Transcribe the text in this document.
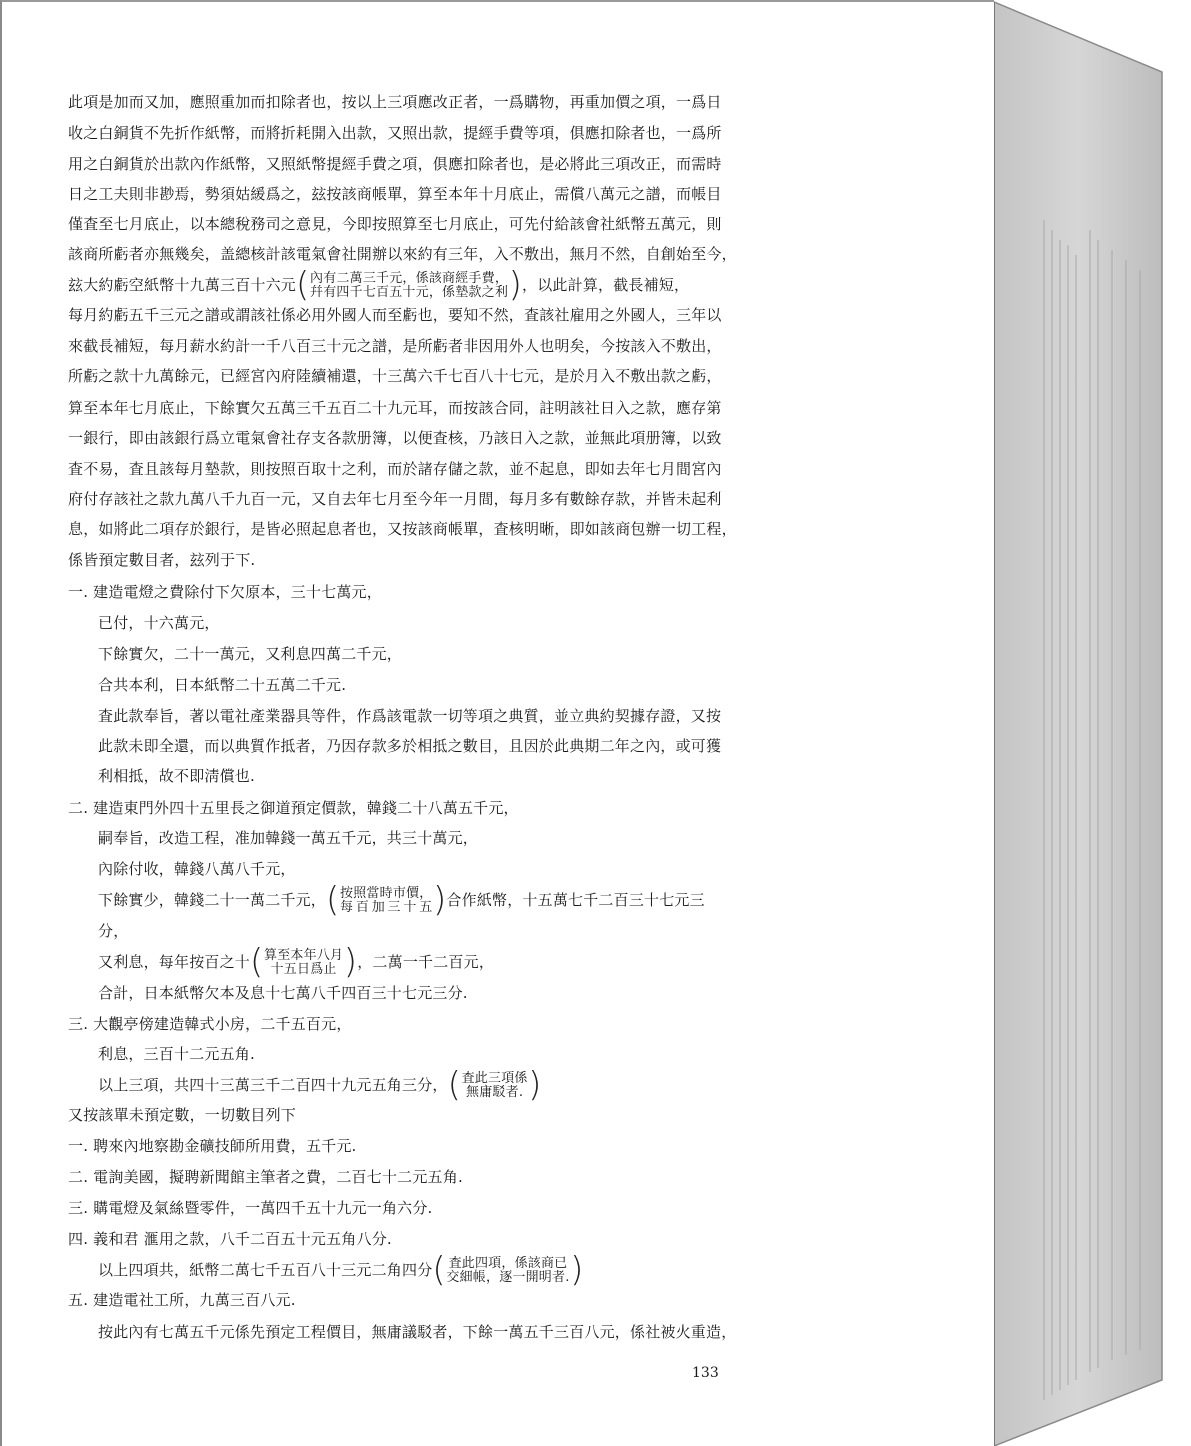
此項是加而又加，應照重加而扣除者也，按以上三項應改正者，一爲購物，再重加價之項，一爲日
收之白銅貨不先折作紙幣，而將折耗開入出款，又照出款，提經手費等項，俱應扣除者也，一爲所
用之白銅貨於出款內作紙幣，又照紙幣提經手費之項，俱應扣除者也，是必將此三項改正，而需時
日之工夫則非尠焉，勢須姑緩爲之，玆按該商帳單，算至本年十月底止，需償八萬元之譜，而帳目
僅査至七月底止，以本總稅務司之意見，今即按照算至七月底止，可先付給該會社紙幣五萬元，則
該商所虧者亦無幾矣，盖總核計該電氣會社開辦以來約有三年，入不敷出，無月不然，自創始至今，
玆大約虧空紙幣十九萬三百十六元 ( 內有二萬三千元，係該商經手費，
幷有四千七百五十元，係墊款之利
) ，以此計算，截長補短，
每月約虧五千三元之譜或謂該社係必用外國人而至虧也，要知不然，査該社雇用之外國人，三年以
來截長補短，每月薪水約計一千八百三十元之譜，是所虧者非因用外人也明矣，今按該入不敷出，
所虧之款十九萬餘元，已經宮內府陸續補還，十三萬六千七百八十七元，是於月入不敷出款之虧，
算至本年七月底止，下餘實欠五萬三千五百二十九元耳，而按該合同，註明該社日入之款，應存第
一銀行，即由該銀行爲立電氣會社存支各款册簿，以便査核，乃該日入之款，並無此項册簿，以致
査不易，査且該每月墊款，則按照百取十之利，而於諸存儲之款，並不起息，即如去年七月間宮內
府付存該社之款九萬八千九百一元，又自去年七月至今年一月間，每月多有數餘存款，并皆未起利
息，如將此二項存於銀行，是皆必照起息者也，又按該商帳單，査核明晰，即如該商包辦一切工程，
係皆預定數目者，玆列于下.
一. 建造電燈之費除付下欠原本，三十七萬元，
已付，十六萬元，
下餘實欠，二十一萬元，又利息四萬二千元，
合共本利，日本紙幣二十五萬二千元.
査此款奉旨，著以電社產業器具等件，作爲該電款一切等項之典質，並立典約契據存證，又按
此款未即全還，而以典質作抵者，乃因存款多於相抵之數目，且因於此典期二年之內，或可獲
利相抵，故不即淸償也.
二. 建造東門外四十五里長之御道預定價款，韓錢二十八萬五千元，
嗣奉旨，改造工程，准加韓錢一萬五千元，共三十萬元，
內除付收，韓錢八萬八千元，
下餘實少，韓錢二十一萬二千元， ( 按照當時市價，
每百加三十五
) 合作紙幣，十五萬七千二百三十七元三
分，
又利息，每年按百之十 ( 算至本年八月
十五日爲止
)	，二萬一千二百元，
合計，日本紙幣欠本及息十七萬八千四百三十七元三分.
三. 大觀亭傍建造韓式小房，二千五百元，
利息，三百十二元五角.
以上三項，共四十三萬三千二百四十九元五角三分， ( 査此三項係
無庸駁者.
)
又按該單未預定數，一切數目列下
一. 聘來內地察勘金礦技師所用費，五千元.
二. 電詢美國，擬聘新聞館主筆者之費，二百七十二元五角.
三. 購電燈及氣絲暨零件，一萬四千五十九元一角六分.
四. 義和君 滙用之款，八千二百五十元五角八分.
以上四項共，紙幣二萬七千五百八十三元二角四分 ( 査此四項，係該商已
交細帳，逐一開明者.
)
五. 建造電社工所，九萬三百八元.
按此內有七萬五千元係先預定工程價目，無庸議駁者，下餘一萬五千三百八元，係社被火重造，
133
